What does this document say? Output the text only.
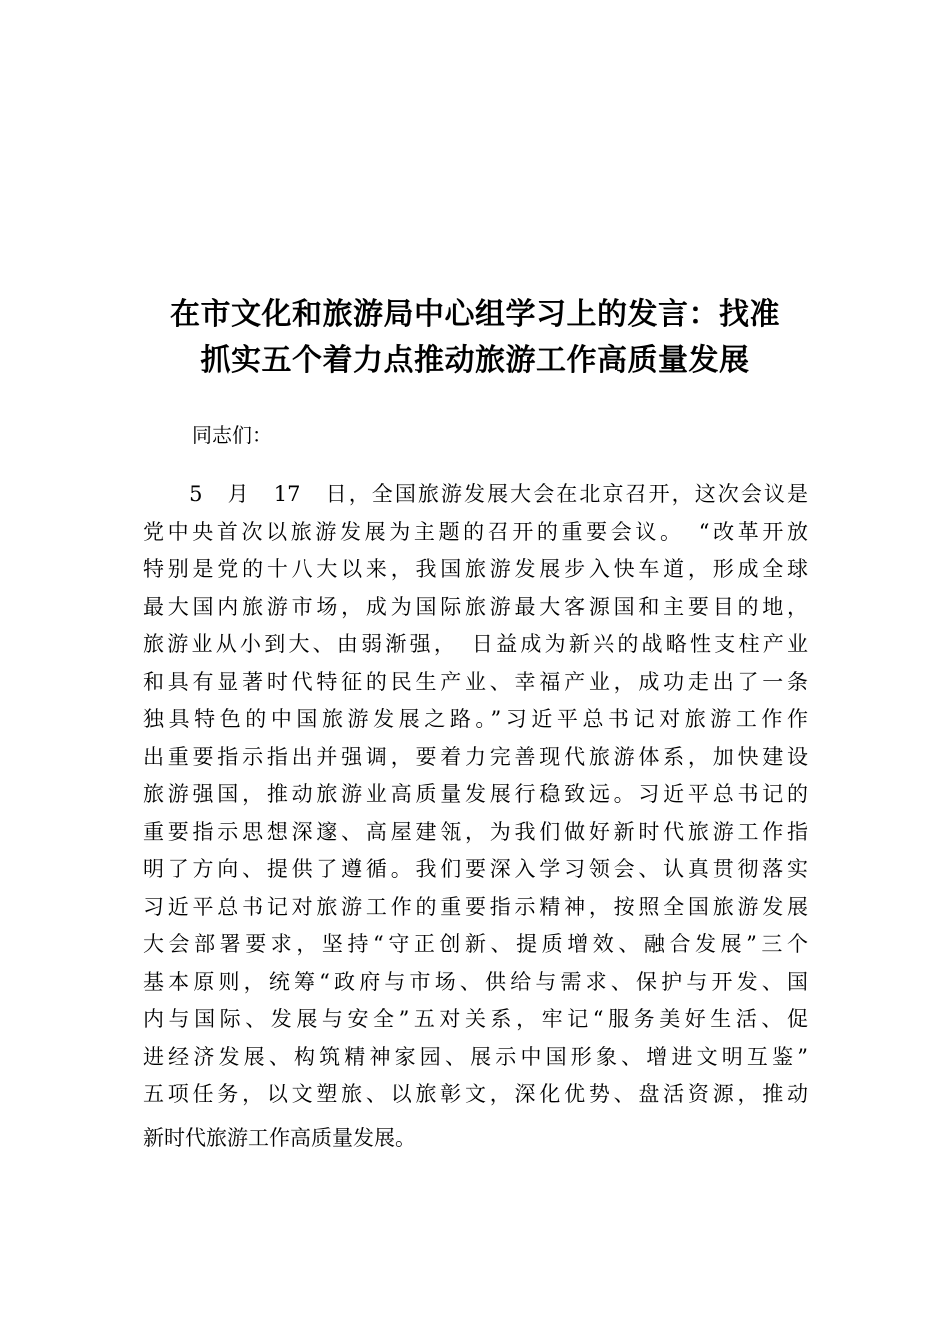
在市文化和旅游局中心组学习上的发言：找准
抓实五个着力点推动旅游工作高质量发展
同志们：
　　5　月　17　日，全国旅游发展大会在北京召开，这次会议是
党中央首次以旅游发展为主题的召开的重要会议。　“改革开放
特别是党的十八大以来，我国旅游发展步入快车道，形成全球
最大国内旅游市场，成为国际旅游最大客源国和主要目的地，
旅游业从小到大、由弱渐强，　日益成为新兴的战略性支柱产业
和具有显著时代特征的民生产业、幸福产业，成功走出了一条
独具特色的中国旅游发展之路。”习近平总书记对旅游工作作
出重要指示指出并强调，要着力完善现代旅游体系，加快建设
旅游强国，推动旅游业高质量发展行稳致远。习近平总书记的
重要指示思想深邃、高屋建瓴，为我们做好新时代旅游工作指
明了方向、提供了遵循。我们要深入学习领会、认真贯彻落实
习近平总书记对旅游工作的重要指示精神，按照全国旅游发展
大会部署要求，坚持“守正创新、提质增效、融合发展”三个
基本原则，统筹“政府与市场、供给与需求、保护与开发、国
内与国际、发展与安全”五对关系，牢记“服务美好生活、促
进经济发展、构筑精神家园、展示中国形象、增进文明互鉴”
五项任务，以文塑旅、以旅彰文，深化优势、盘活资源，推动
新时代旅游工作高质量发展。
